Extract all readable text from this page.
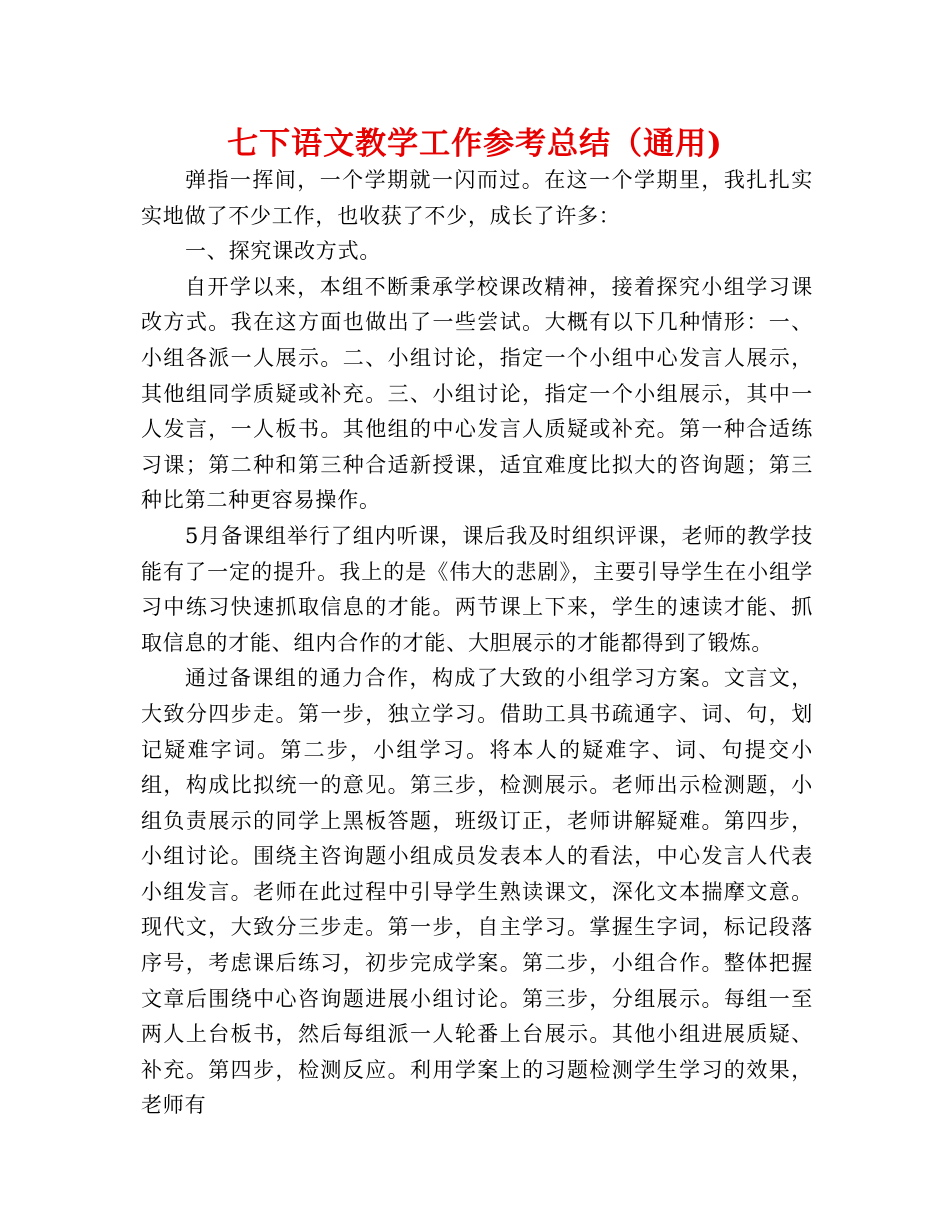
七下语文教学工作参考总结（通用)

弹指一挥间，一个学期就一闪而过。在这一个学期里，我扎扎实实地做了不少工作，也收获了不少，成长了许多：

一、探究课改方式。

自开学以来，本组不断秉承学校课改精神，接着探究小组学习课改方式。我在这方面也做出了一些尝试。大概有以下几种情形：一、小组各派一人展示。二、小组讨论，指定一个小组中心发言人展示，其他组同学质疑或补充。三、小组讨论，指定一个小组展示，其中一人发言，一人板书。其他组的中心发言人质疑或补充。第一种合适练习课；第二种和第三种合适新授课，适宜难度比拟大的咨询题；第三种比第二种更容易操作。

5月备课组举行了组内听课，课后我及时组织评课，老师的教学技能有了一定的提升。我上的是《伟大的悲剧》，主要引导学生在小组学习中练习快速抓取信息的才能。两节课上下来，学生的速读才能、抓取信息的才能、组内合作的才能、大胆展示的才能都得到了锻炼。

通过备课组的通力合作，构成了大致的小组学习方案。文言文，大致分四步走。第一步，独立学习。借助工具书疏通字、词、句，划记疑难字词。第二步，小组学习。将本人的疑难字、词、句提交小组，构成比拟统一的意见。第三步，检测展示。老师出示检测题，小组负责展示的同学上黑板答题，班级订正，老师讲解疑难。第四步，小组讨论。围绕主咨询题小组成员发表本人的看法，中心发言人代表小组发言。老师在此过程中引导学生熟读课文，深化文本揣摩文意。现代文，大致分三步走。第一步，自主学习。掌握生字词，标记段落序号，考虑课后练习，初步完成学案。第二步，小组合作。整体把握文章后围绕中心咨询题进展小组讨论。第三步，分组展示。每组一至两人上台板书，然后每组派一人轮番上台展示。其他小组进展质疑、补充。第四步，检测反应。利用学案上的习题检测学生学习的效果，老师有
